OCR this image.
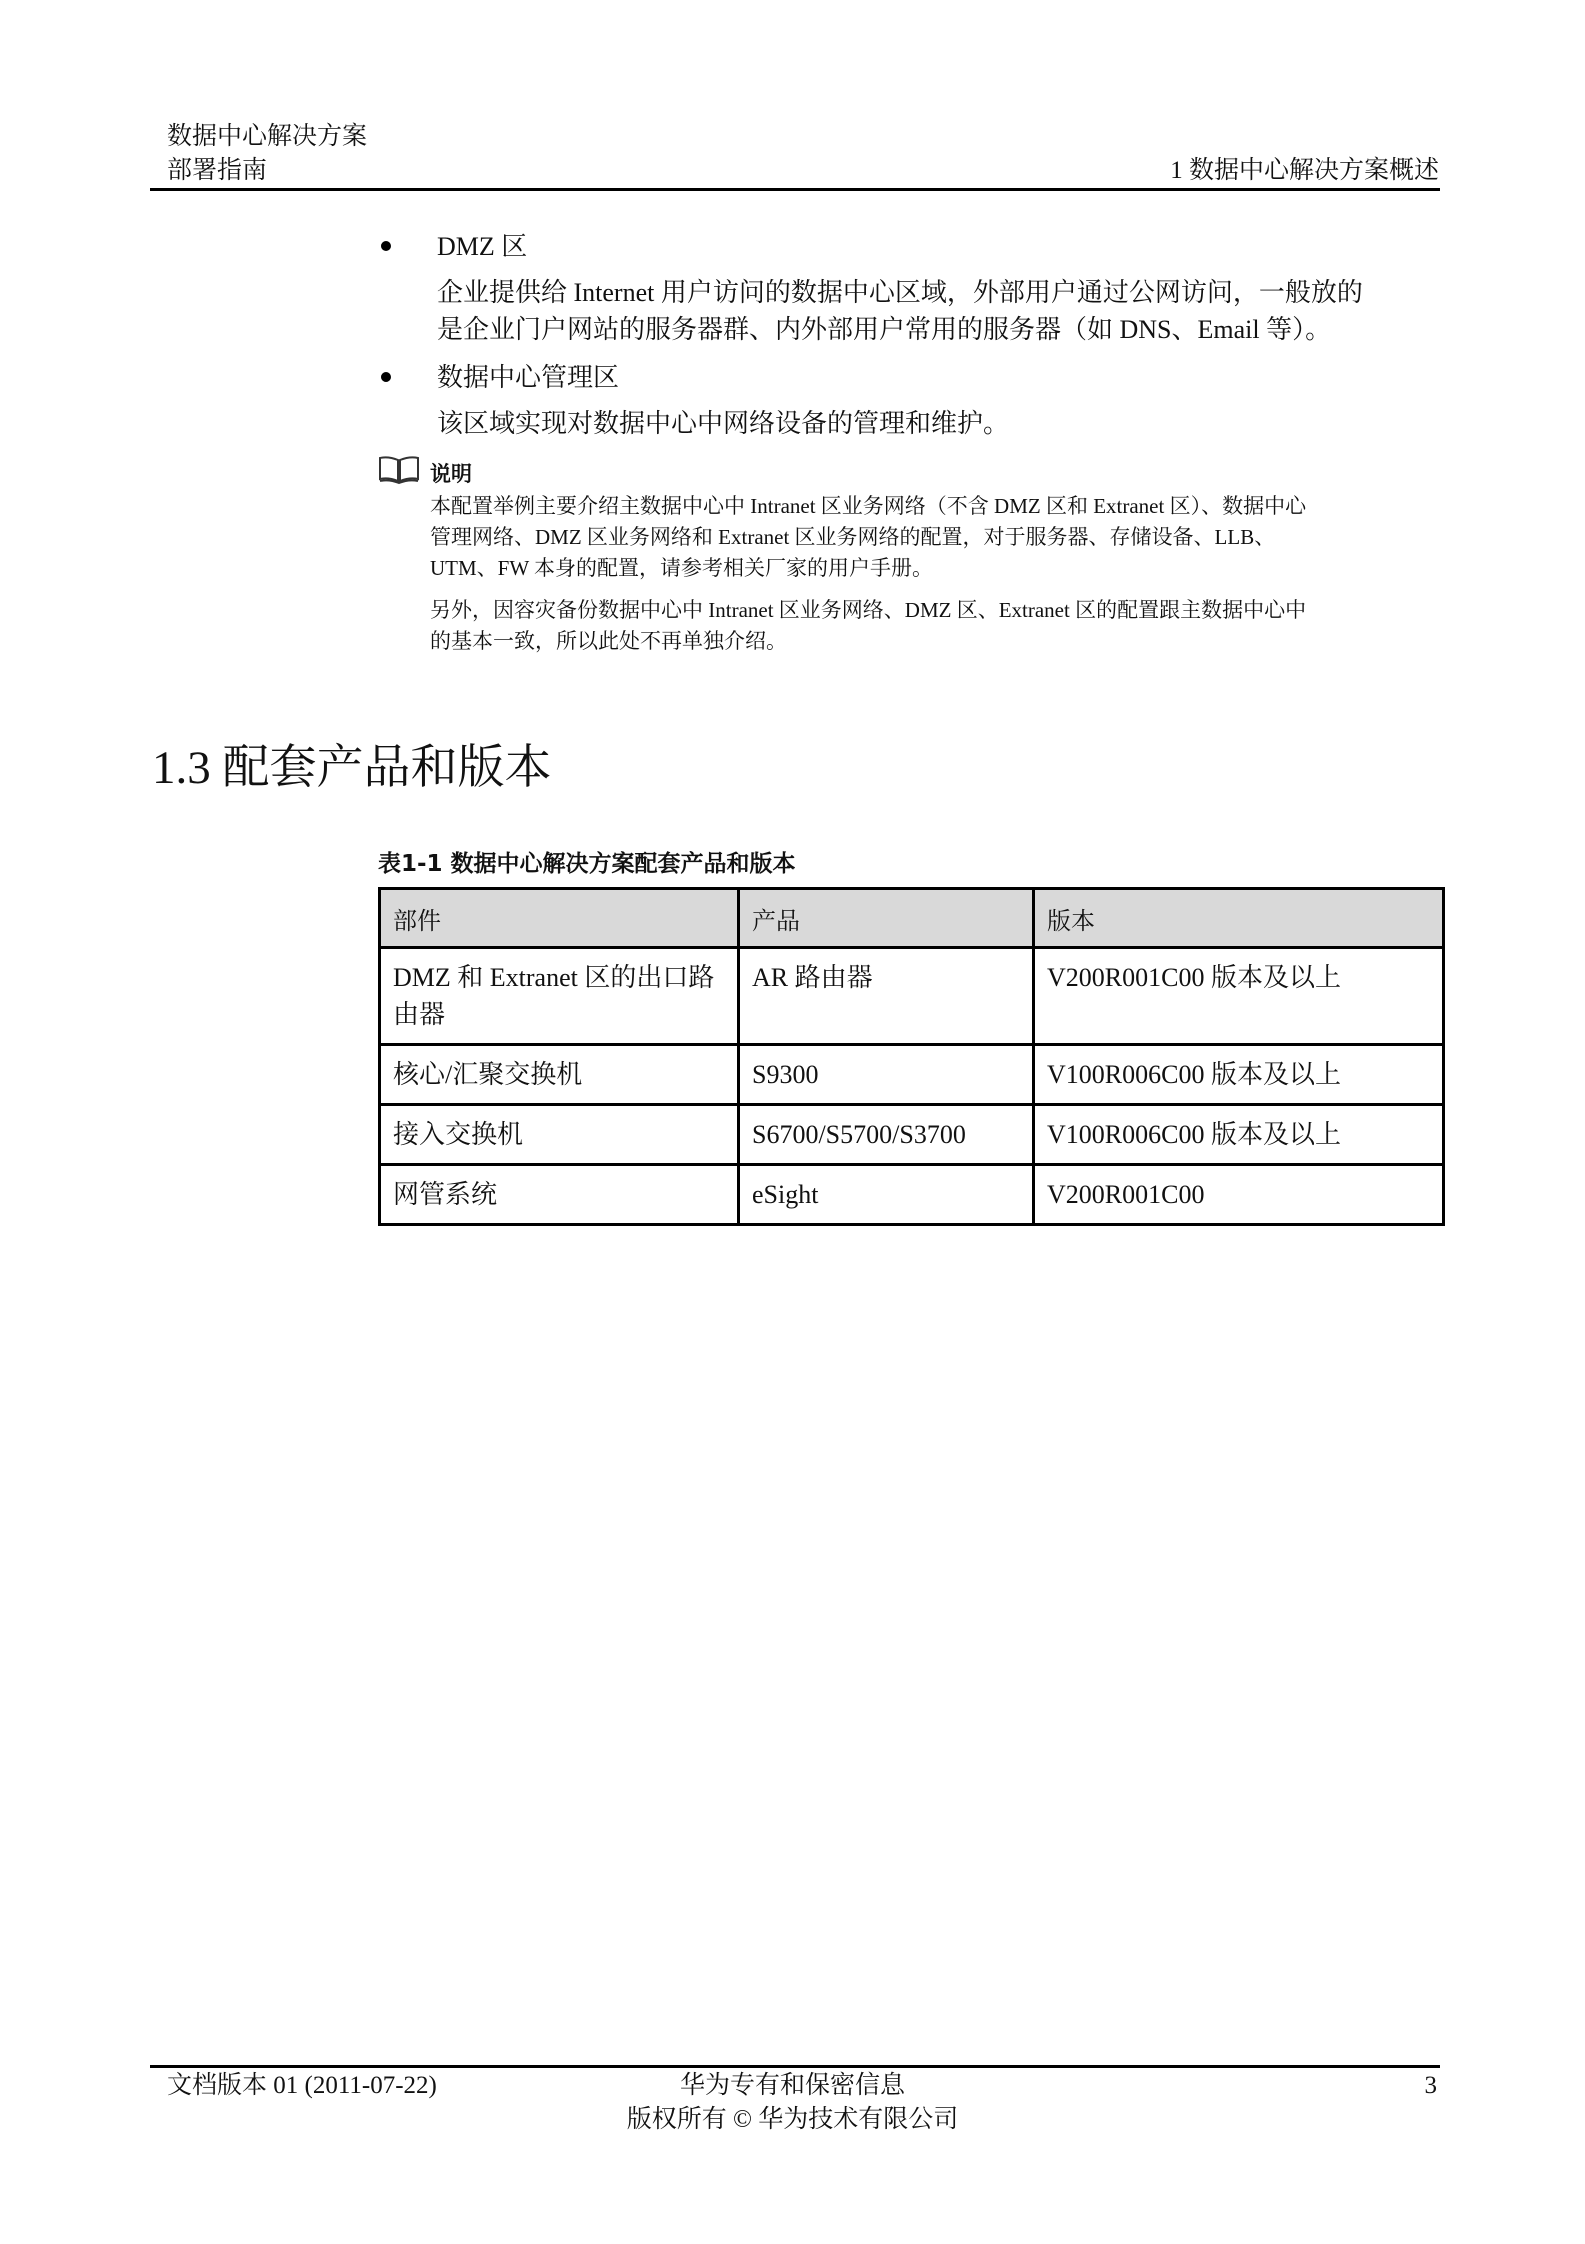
数据中心解决方案
部署指南	1 数据中心解决方案概述
DMZ 区
企业提供给 Internet 用户访问的数据中心区域，外部用户通过公网访问，一般放的
是企业门户网站的服务器群、内外部用户常用的服务器（如 DNS、Email 等）。
数据中心管理区
该区域实现对数据中心中网络设备的管理和维护。
说明
本配置举例主要介绍主数据中心中 Intranet 区业务网络（不含 DMZ 区和 Extranet 区）、数据中心
管理网络、DMZ 区业务网络和 Extranet 区业务网络的配置，对于服务器、存储设备、LLB、
UTM、FW 本身的配置，请参考相关厂家的用户手册。
另外，因容灾备份数据中心中 Intranet 区业务网络、DMZ 区、Extranet 区的配置跟主数据中心中
的基本一致，所以此处不再单独介绍。
1.3 配套产品和版本
表1-1 数据中心解决方案配套产品和版本
部件	产品	版本
DMZ 和 Extranet 区的出口路由器	AR 路由器	V200R001C00 版本及以上
核心/汇聚交换机	S9300	V100R006C00 版本及以上
接入交换机	S6700/S5700/S3700	V100R006C00 版本及以上
网管系统	eSight	V200R001C00
文档版本 01 (2011-07-22)	华为专有和保密信息	3
版权所有 © 华为技术有限公司
